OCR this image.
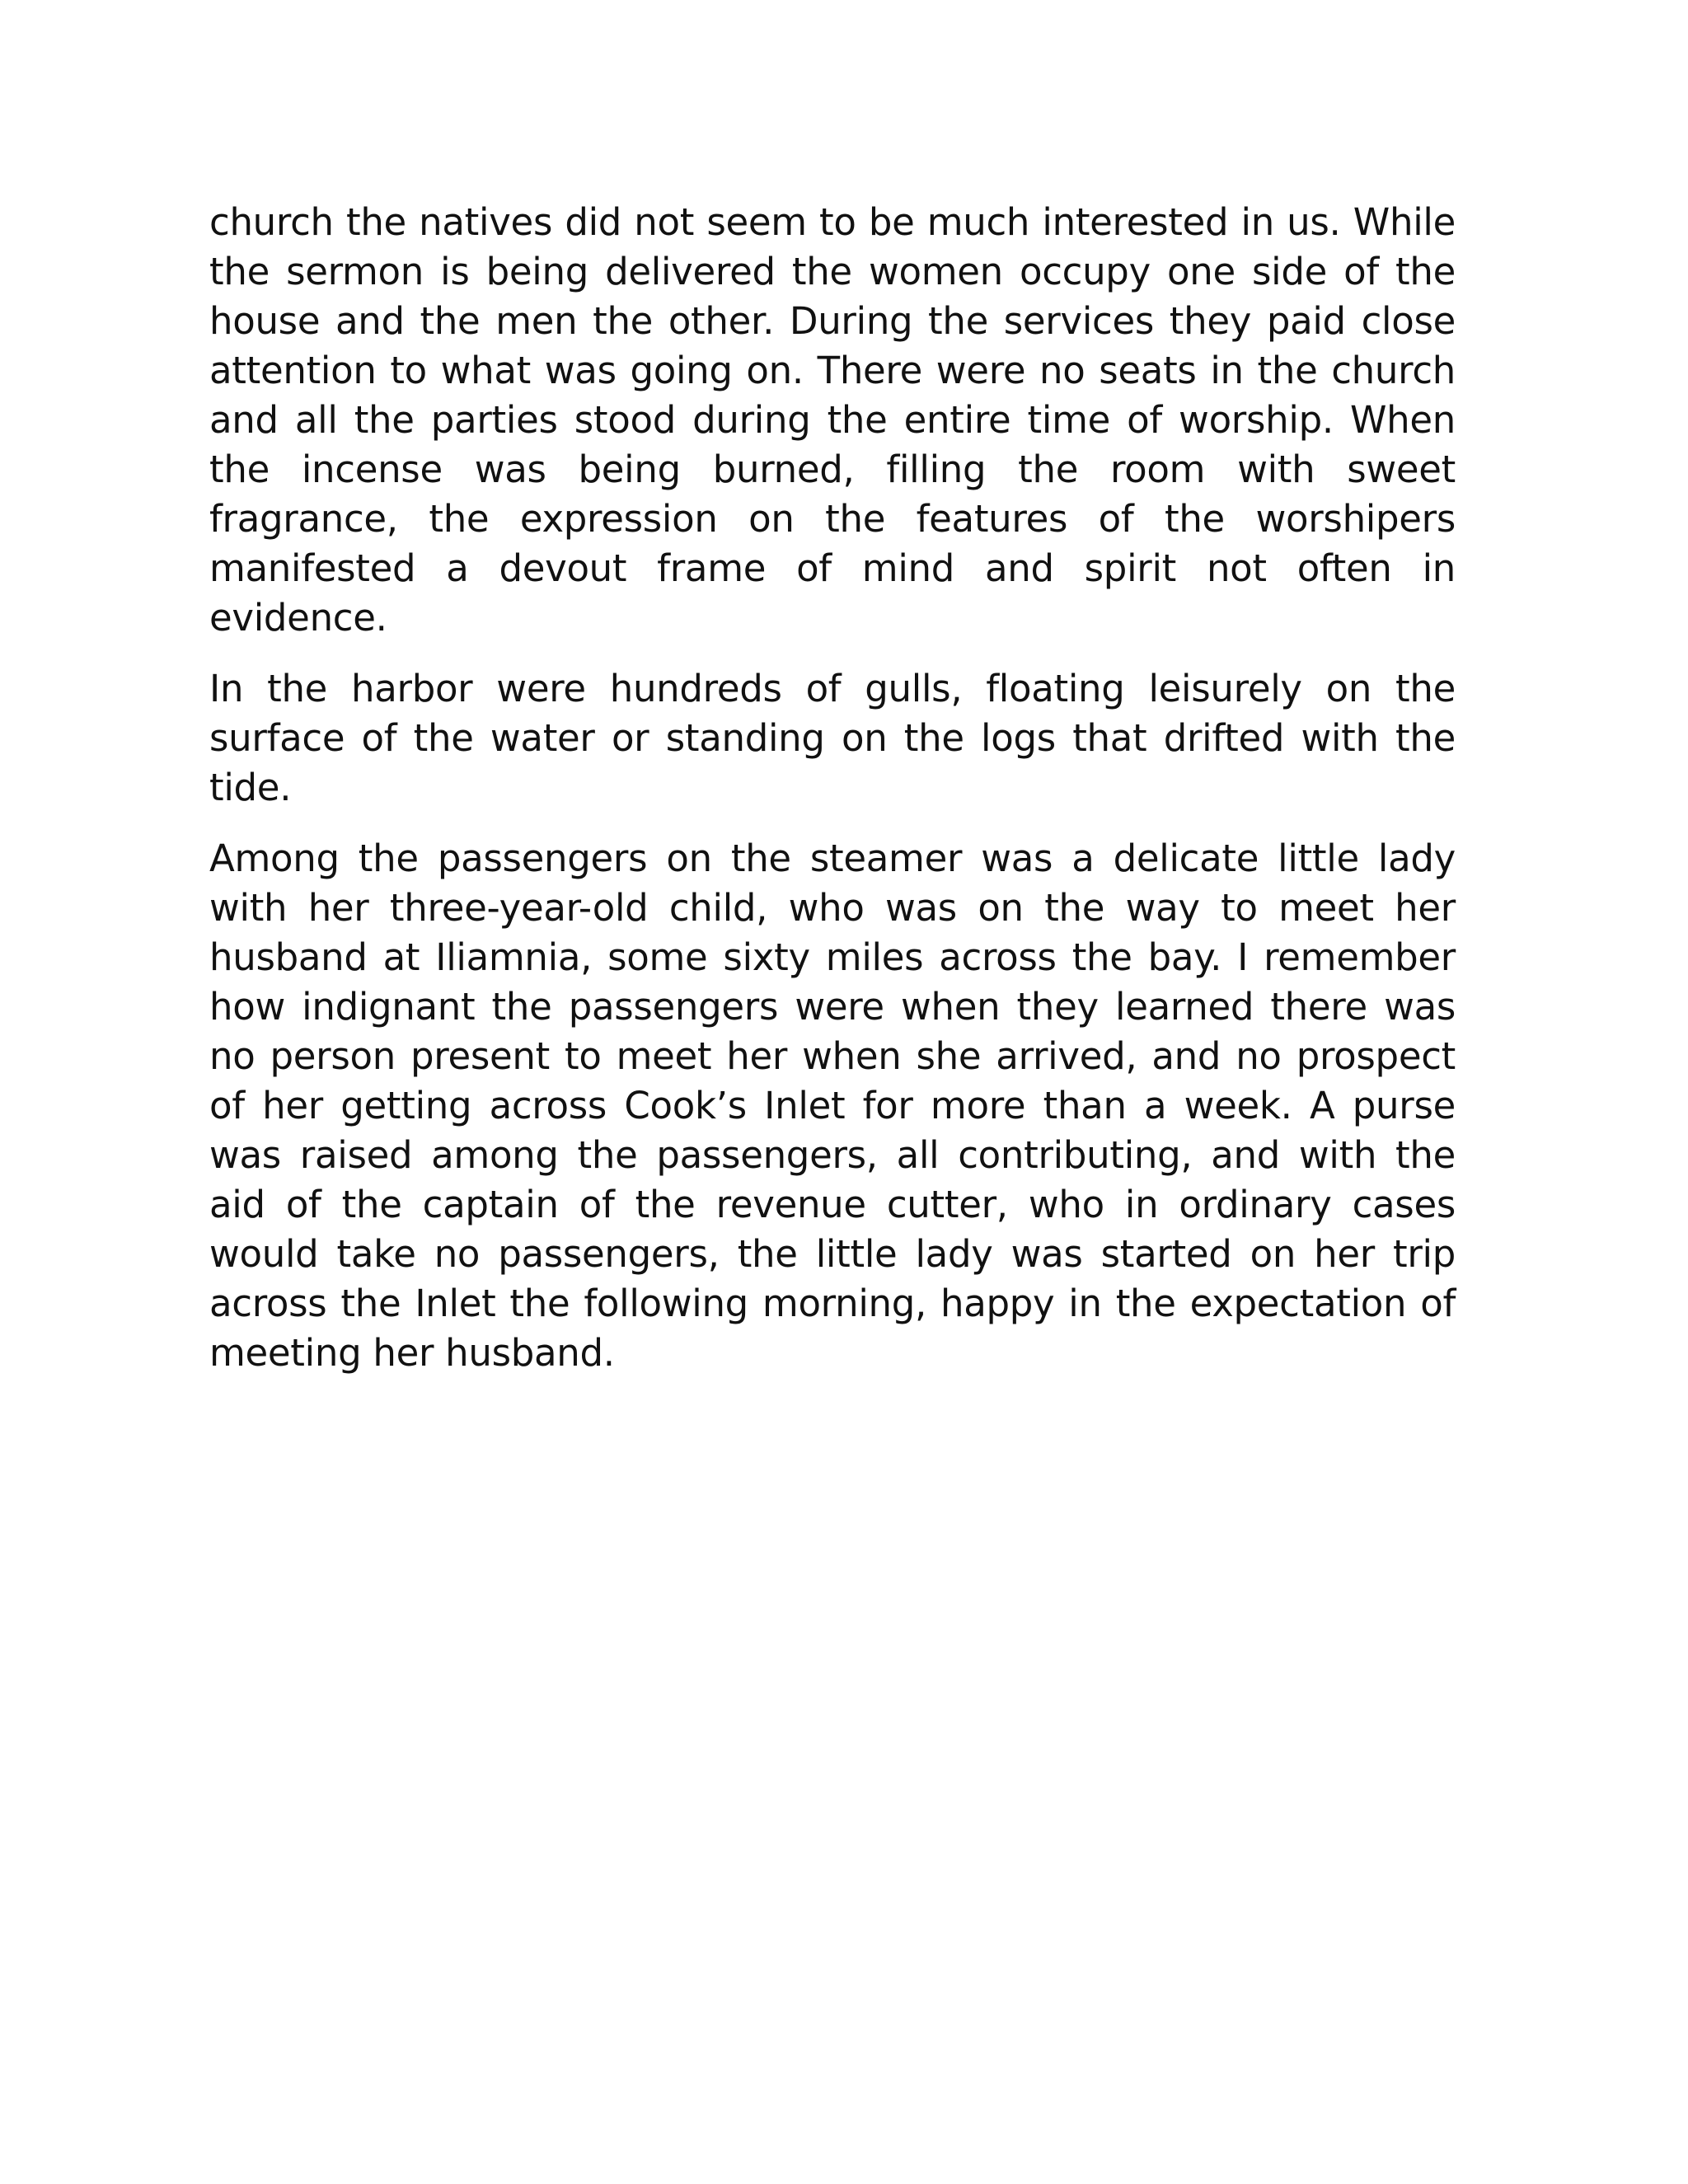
church the natives did not seem to be much interested in us. While the sermon is being delivered the women occupy one side of the house and the men the other. During the services they paid close attention to what was going on. There were no seats in the church and all the parties stood during the entire time of worship. When the incense was being burned, filling the room with sweet fragrance, the expression on the features of the worshipers manifested a devout frame of mind and spirit not often in evidence.

In the harbor were hundreds of gulls, floating leisurely on the surface of the water or standing on the logs that drifted with the tide.

Among the passengers on the steamer was a delicate little lady with her three-year-old child, who was on the way to meet her husband at Iliamnia, some sixty miles across the bay. I remember how indignant the passengers were when they learned there was no person present to meet her when she arrived, and no prospect of her getting across Cook’s Inlet for more than a week. A purse was raised among the passengers, all contributing, and with the aid of the captain of the revenue cutter, who in ordinary cases would take no passengers, the little lady was started on her trip across the Inlet the following morning, happy in the expectation of meeting her husband.
